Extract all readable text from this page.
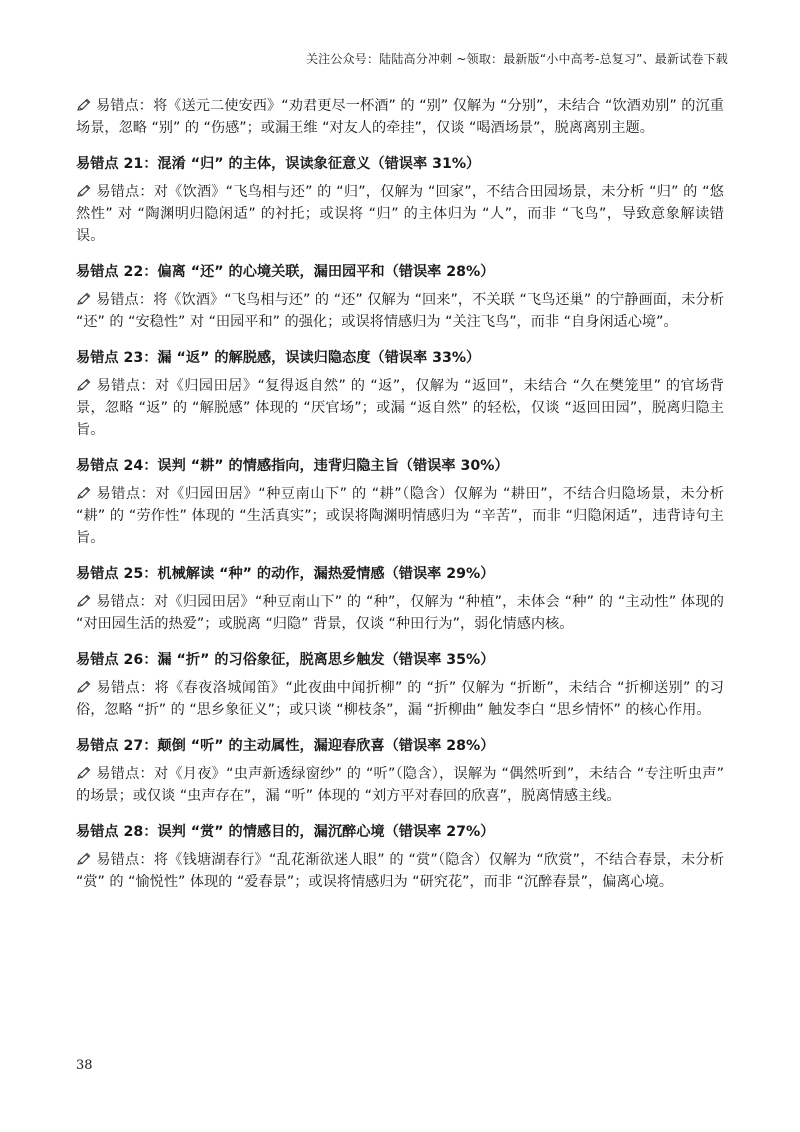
关注公众号：陆陆高分冲刺 ~领取：最新版“小中高考-总复习”、最新试卷下载

易错点：将《送元二使安西》“劝君更尽一杯酒” 的 “别” 仅解为 “分别”，未结合 “饮酒劝别” 的沉重场景，忽略 “别” 的 “伤感”；或漏王维 “对友人的牵挂”，仅谈 “喝酒场景”，脱离离别主题。

易错点 21：混淆 “归” 的主体，误读象征意义（错误率 31%）

易错点：对《饮酒》“飞鸟相与还” 的 “归”，仅解为 “回家”，不结合田园场景，未分析 “归” 的 “悠然性” 对 “陶渊明归隐闲适” 的衬托；或误将 “归” 的主体归为 “人”，而非 “飞鸟”，导致意象解读错误。

易错点 22：偏离 “还” 的心境关联，漏田园平和（错误率 28%）

易错点：将《饮酒》“飞鸟相与还” 的 “还” 仅解为 “回来”，不关联 “飞鸟还巢” 的宁静画面，未分析 “还” 的 “安稳性” 对 “田园平和” 的强化；或误将情感归为 “关注飞鸟”，而非 “自身闲适心境”。

易错点 23：漏 “返” 的解脱感，误读归隐态度（错误率 33%）

易错点：对《归园田居》“复得返自然” 的 “返”，仅解为 “返回”，未结合 “久在樊笼里” 的官场背景，忽略 “返” 的 “解脱感” 体现的 “厌官场”；或漏 “返自然” 的轻松，仅谈 “返回田园”，脱离归隐主旨。

易错点 24：误判 “耕” 的情感指向，违背归隐主旨（错误率 30%）

易错点：对《归园田居》“种豆南山下” 的 “耕”（隐含）仅解为 “耕田”，不结合归隐场景，未分析 “耕” 的 “劳作性” 体现的 “生活真实”；或误将陶渊明情感归为 “辛苦”，而非 “归隐闲适”，违背诗句主旨。

易错点 25：机械解读 “种” 的动作，漏热爱情感（错误率 29%）

易错点：对《归园田居》“种豆南山下” 的 “种”，仅解为 “种植”，未体会 “种” 的 “主动性” 体现的 “对田园生活的热爱”；或脱离 “归隐” 背景，仅谈 “种田行为”，弱化情感内核。

易错点 26：漏 “折” 的习俗象征，脱离思乡触发（错误率 35%）

易错点：将《春夜洛城闻笛》“此夜曲中闻折柳” 的 “折” 仅解为 “折断”，未结合 “折柳送别” 的习俗，忽略 “折” 的 “思乡象征义”；或只谈 “柳枝条”，漏 “折柳曲” 触发李白 “思乡情怀” 的核心作用。

易错点 27：颠倒 “听” 的主动属性，漏迎春欣喜（错误率 28%）

易错点：对《月夜》“虫声新透绿窗纱” 的 “听”（隐含），误解为 “偶然听到”，未结合 “专注听虫声” 的场景；或仅谈 “虫声存在”，漏 “听” 体现的 “刘方平对春回的欣喜”，脱离情感主线。

易错点 28：误判 “赏” 的情感目的，漏沉醉心境（错误率 27%）

易错点：将《钱塘湖春行》“乱花渐欲迷人眼” 的 “赏”（隐含）仅解为 “欣赏”，不结合春景，未分析 “赏” 的 “愉悦性” 体现的 “爱春景”；或误将情感归为 “研究花”，而非 “沉醉春景”，偏离心境。

38
